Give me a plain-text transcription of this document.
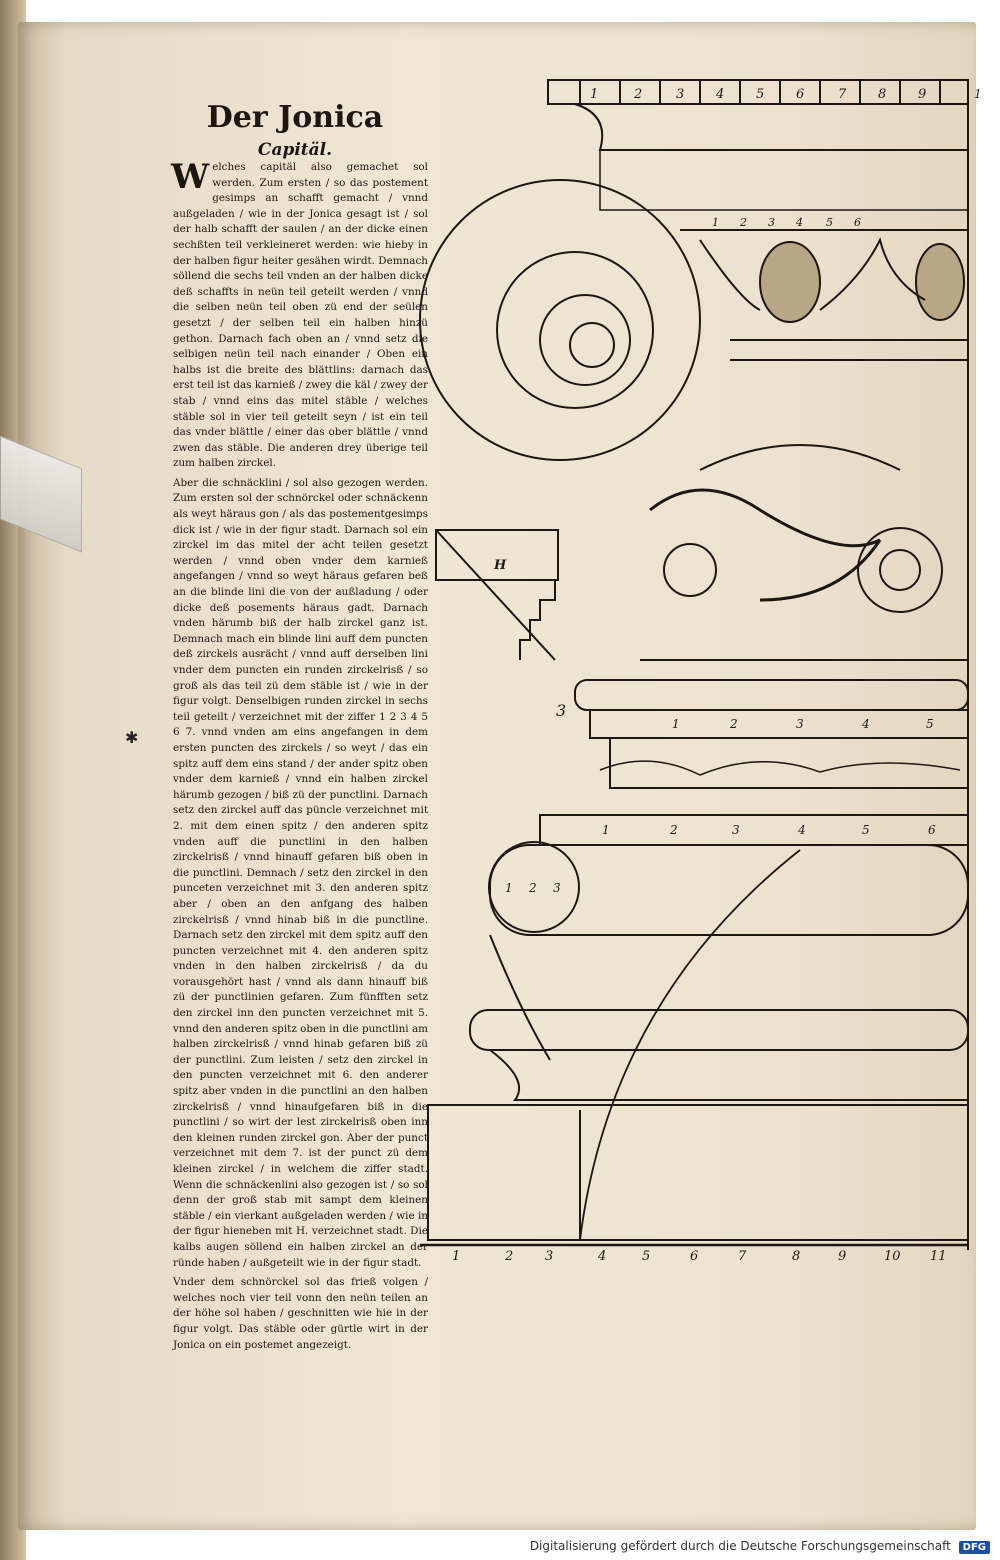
Der Jonica
Capitäl.

Welches capitäl also gemachet sol werden. Zum ersten / so das postement gesimps an schafft gemacht / vnnd außgeladen / wie in der Jonica gesagt ist / sol der halb schafft der saulen / an der dicke einen sechßten teil verkleineret werden: wie hieby in der halben figur heiter gesähen wirdt. Demnach söllend die sechs teil vnden an der halben dicke deß schaffts in neün teil geteilt werden / vnnd die selben neün teil oben zü end der seülen gesetzt / der selben teil ein halben hinzü gethon. Darnach fach oben an / vnnd setz die selbigen neün teil nach einander / Oben ein halbs ist die breite des blättlins: darnach das erst teil ist das karnieß / zwey die käl / zwey der stab / vnnd eins das mitel stäble / welches stäble sol in vier teil geteilt seyn / ist ein teil das vnder blättle / einer das ober blättle / vnnd zwen das stäble. Die anderen drey überige teil zum halben zirckel.

Aber die schnäcklini / sol also gezogen werden. Zum ersten sol der schnörckel oder schnäckenn als weyt häraus gon / als das postementgesimps dick ist / wie in der figur stadt. Darnach sol ein zirckel im das mitel der acht teilen gesetzt werden / vnnd oben vnder dem karnieß angefangen / vnnd so weyt häraus gefaren beß an die blinde lini die von der außladung / oder dicke deß posements häraus gadt. Darnach vnden härumb biß der halb zirckel ganz ist. Demnach mach ein blinde lini auff dem puncten deß zirckels ausrächt / vnnd auff derselben lini vnder dem puncten ein runden zirckelrisß / so groß als das teil zü dem stäble ist / wie in der figur volgt. Denselbigen runden zirckel in sechs teil geteilt / verzeichnet mit der ziffer 1 2 3 4 5 6 7. vnnd vnden am eins angefangen in dem ersten puncten des zirckels / so weyt / das ein spitz auff dem eins stand / der ander spitz oben vnder dem karnieß / vnnd ein halben zirckel härumb gezogen / biß zü der punctlini. Darnach setz den zirckel auff das püncle verzeichnet mit 2. mit dem einen spitz / den anderen spitz vnden auff die punctlini in den halben zirckelrisß / vnnd hinauff gefaren biß oben in die punctlini. Demnach / setz den zirckel in den punceten verzeichnet mit 3. den anderen spitz aber / oben an den anfgang des halben zirckelrisß / vnnd hinab biß in die punctline. Darnach setz den zirckel mit dem spitz auff den puncten verzeichnet mit 4. den anderen spitz vnden in den halben zirckelrisß / da du vorausgehört hast / vnnd als dann hinauff biß zü der punctlinien gefaren. Zum fünfften setz den zirckel inn den puncten verzeichnet mit 5. vnnd den anderen spitz oben in die punctlini am halben zirckelrisß / vnnd hinab gefaren biß zü der punctlini. Zum leisten / setz den zirckel in den puncten verzeichnet mit 6. den anderer spitz aber vnden in die punctlini an den halben zirckelrisß / vnnd hinaufgefaren biß in die punctlini / so wirt der lest zirckelrisß oben inn den kleinen runden zirckel gon. Aber der punct verzeichnet mit dem 7. ist der punct zü dem kleinen zirckel / in welchem die ziffer stadt. Wenn die schnäckenlini also gezogen ist / so sol denn der groß stab mit sampt dem kleinen stäble / ein vierkant außgeladen werden / wie in der figur hieneben mit H. verzeichnet stadt. Die kalbs augen söllend ein halben zirckel an der ründe haben / außgeteilt wie in der figur stadt.

Vnder dem schnörckel sol das frieß volgen / welches noch vier teil vonn den neün teilen an der höhe sol haben / geschnitten wie hie in der figur volgt. Das stäble oder gürtle wirt in der Jonica on ein postemet angezeigt.

✱
1	2	3 4 5 6	7 8 9
1 2 3 4 5 6
1	2	3	4	5
1	2	3	4	5	6
1 2 3
3
1
H
1	2 3	4	5	6	7	8	9	10 11
Digitalisierung gefördert durch die Deutsche Forschungsgemeinschaft DFG
